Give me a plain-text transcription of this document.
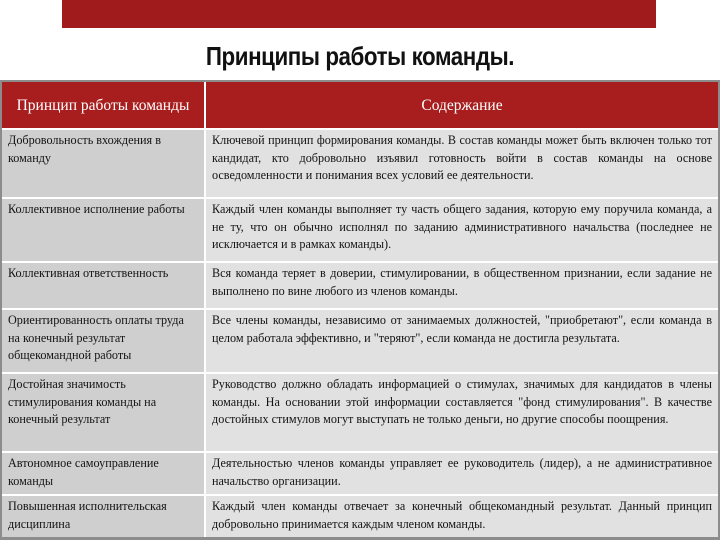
Принципы работы команды.
Принцип работы команды	Содержание
Добровольность вхождения в команду	Ключевой принцип формирования команды. В состав команды может быть включен только тот кандидат, кто добровольно изъявил готовность войти в состав команды на основе осведомленности и понимания всех условий ее деятельности.
Коллективное исполнение работы	Каждый член команды выполняет ту часть общего задания, которую ему поручила команда, а не ту, что он обычно исполнял по заданию административного начальства (последнее не исключается и в рамках команды).
Коллективная ответственность	Вся команда теряет в доверии, стимулировании, в общественном признании, если задание не выполнено по вине любого из членов команды.
Ориентированность оплаты труда на конечный результат общекомандной работы	Все члены команды, независимо от занимаемых должностей, "приобретают", если команда в целом работала эффективно, и "теряют", если команда не достигла результата.
Достойная значимость стимулирования команды на конечный результат	Руководство должно обладать информацией о стимулах, значимых для кандидатов в члены команды. На основании этой информации составляется "фонд стимулирования". В качестве достойных стимулов могут выступать не только деньги, но другие способы поощрения.
Автономное самоуправление команды	Деятельностью членов команды управляет ее руководитель (лидер), а не административное начальство организации.
Повышенная исполнительская дисциплина	Каждый член команды отвечает за конечный общекомандный результат. Данный принцип добровольно принимается каждым членом команды.
